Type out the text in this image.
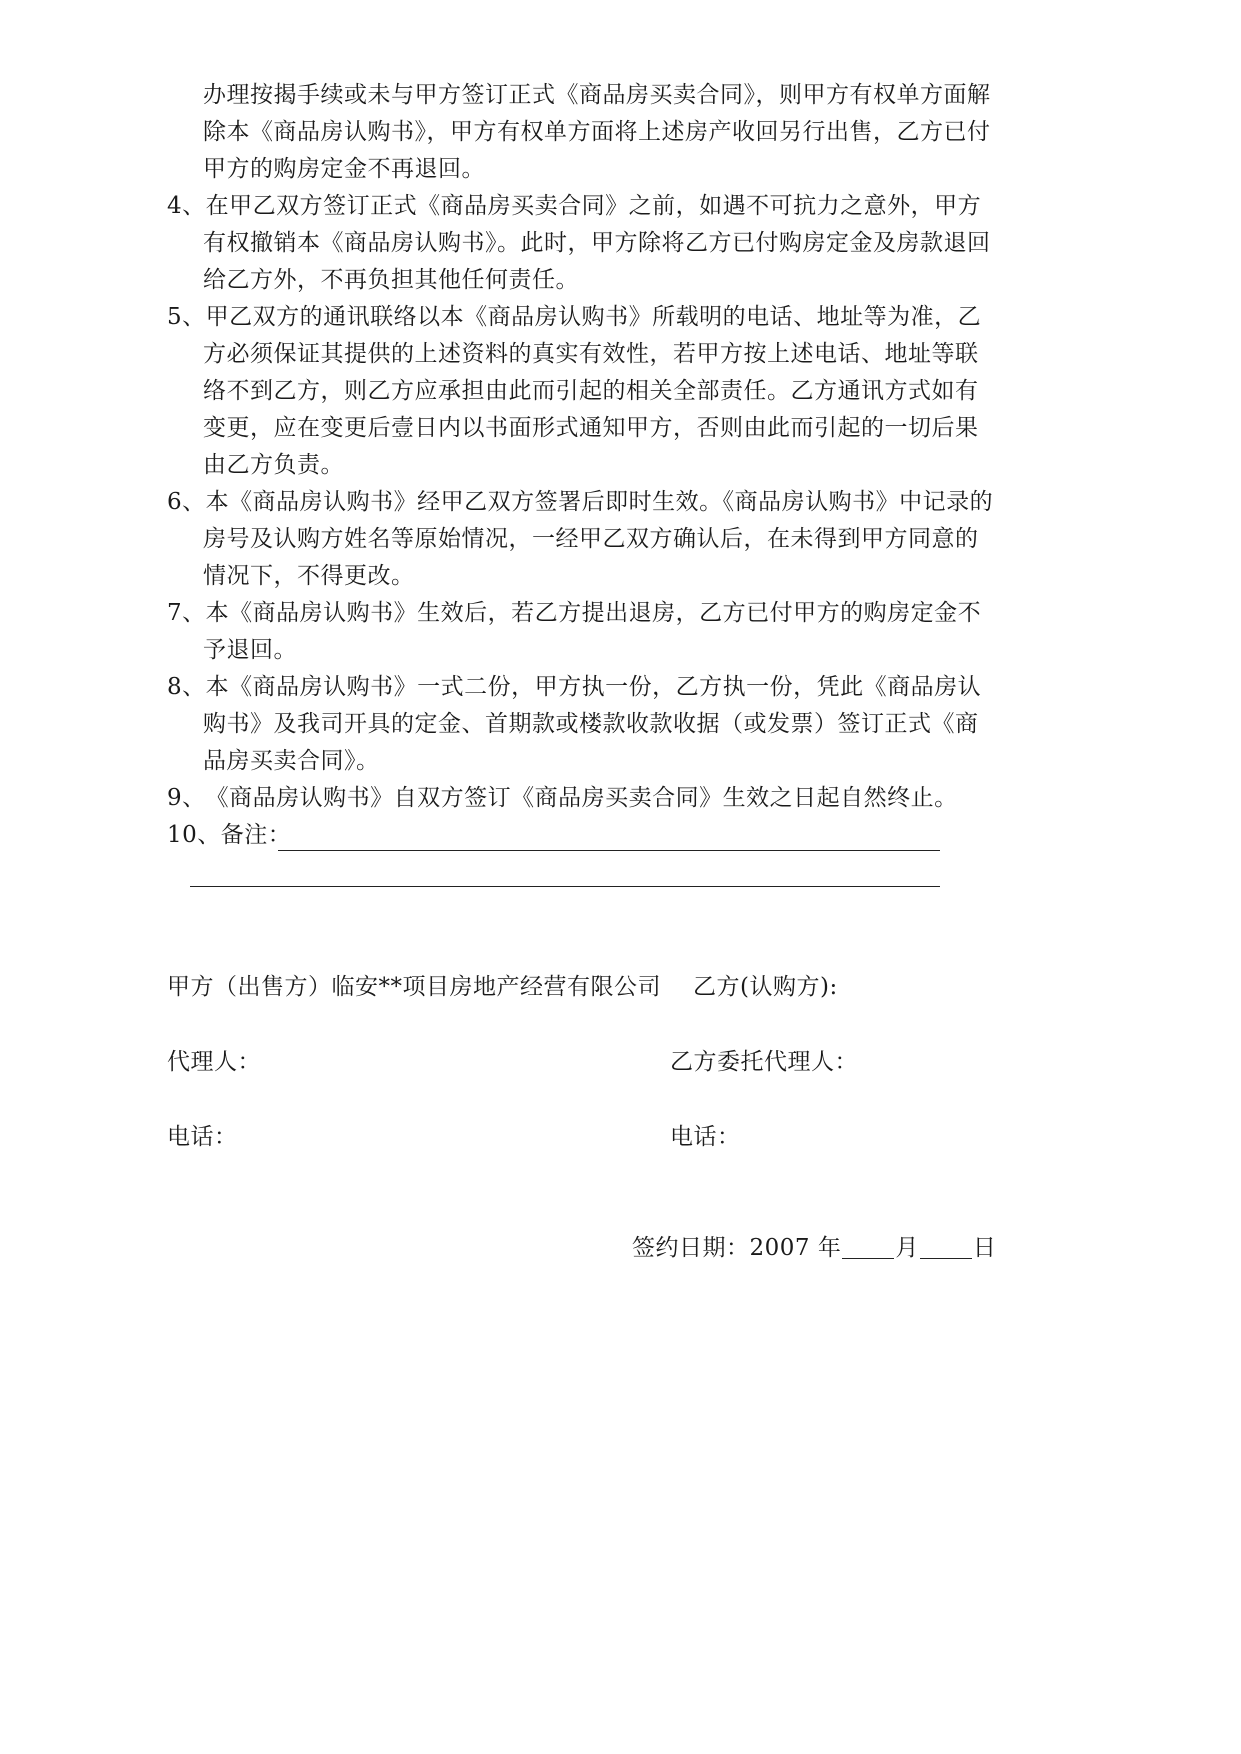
办理按揭手续或未与甲方签订正式《商品房买卖合同》，则甲方有权单方面解
除本《商品房认购书》，甲方有权单方面将上述房产收回另行出售，乙方已付
甲方的购房定金不再退回。
4、在甲乙双方签订正式《商品房买卖合同》之前，如遇不可抗力之意外，甲方
有权撤销本《商品房认购书》。此时，甲方除将乙方已付购房定金及房款退回
给乙方外，不再负担其他任何责任。
5、甲乙双方的通讯联络以本《商品房认购书》所载明的电话、地址等为准，乙
方必须保证其提供的上述资料的真实有效性，若甲方按上述电话、地址等联
络不到乙方，则乙方应承担由此而引起的相关全部责任。乙方通讯方式如有
变更，应在变更后壹日内以书面形式通知甲方，否则由此而引起的一切后果
由乙方负责。
6、本《商品房认购书》经甲乙双方签署后即时生效。《商品房认购书》中记录的
房号及认购方姓名等原始情况，一经甲乙双方确认后，在未得到甲方同意的
情况下，不得更改。
7、本《商品房认购书》生效后，若乙方提出退房，乙方已付甲方的购房定金不
予退回。
8、本《商品房认购书》一式二份，甲方执一份，乙方执一份，凭此《商品房认
购书》及我司开具的定金、首期款或楼款收款收据（或发票）签订正式《商
品房买卖合同》。
9、《商品房认购书》自双方签订《商品房买卖合同》生效之日起自然终止。
10、备注：
甲方（出售方）临安**项目房地产经营有限公司 乙方(认购方):
代理人：	乙方委托代理人：
电话：	电话：
签约日期：2007 年 月 日
